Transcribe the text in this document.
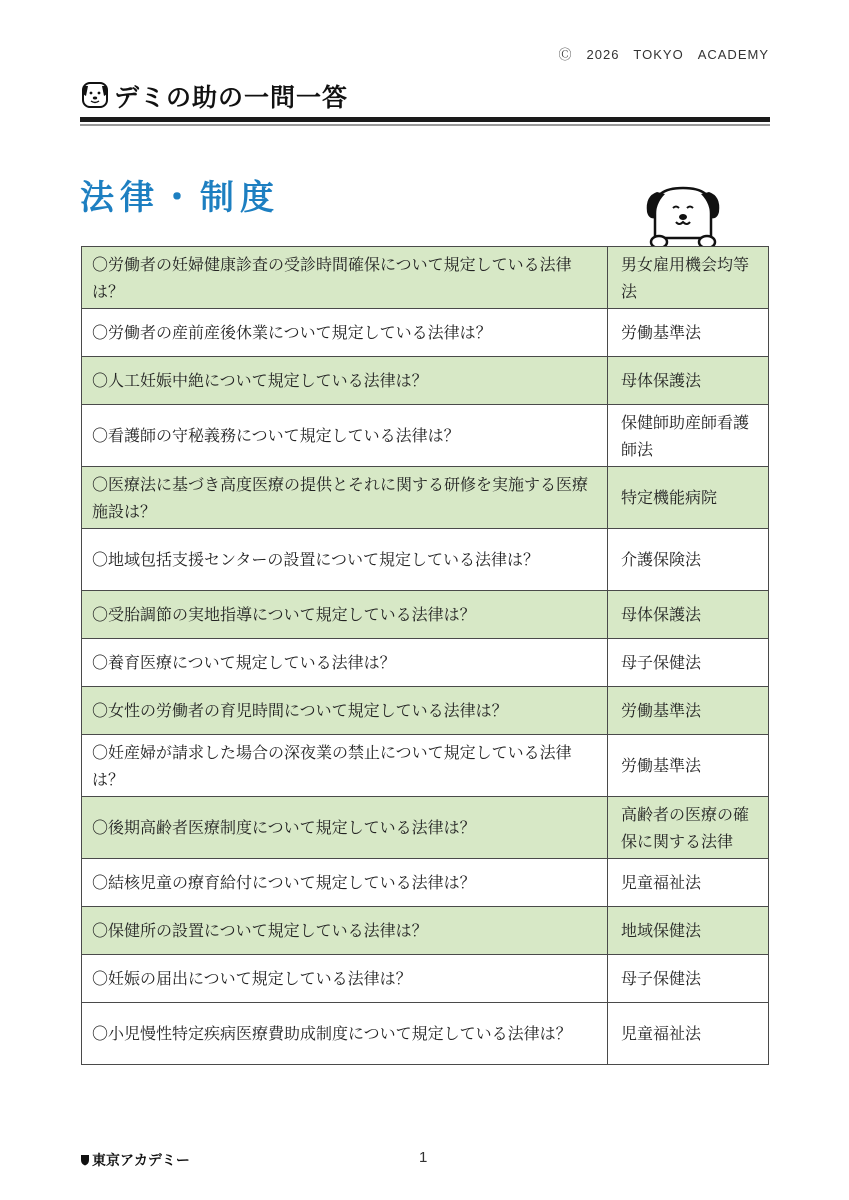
Ⓒ　2026　TOKYO　ACADEMY
デミの助の一問一答
法律・制度
〇労働者の妊婦健康診査の受診時間確保について規定している法律は？	男女雇用機会均等法
〇労働者の産前産後休業について規定している法律は？	労働基準法
〇人工妊娠中絶について規定している法律は？	母体保護法
〇看護師の守秘義務について規定している法律は？	保健師助産師看護師法
〇医療法に基づき高度医療の提供とそれに関する研修を実施する医療施設は？	特定機能病院
〇地域包括支援センターの設置について規定している法律は？	介護保険法
〇受胎調節の実地指導について規定している法律は？	母体保護法
〇養育医療について規定している法律は？	母子保健法
〇女性の労働者の育児時間について規定している法律は？	労働基準法
〇妊産婦が請求した場合の深夜業の禁止について規定している法律は？	労働基準法
〇後期高齢者医療制度について規定している法律は？	高齢者の医療の確保に関する法律
〇結核児童の療育給付について規定している法律は？	児童福祉法
〇保健所の設置について規定している法律は？	地域保健法
〇妊娠の届出について規定している法律は？	母子保健法
〇小児慢性特定疾病医療費助成制度について規定している法律は？	児童福祉法
東京アカデミー	1
